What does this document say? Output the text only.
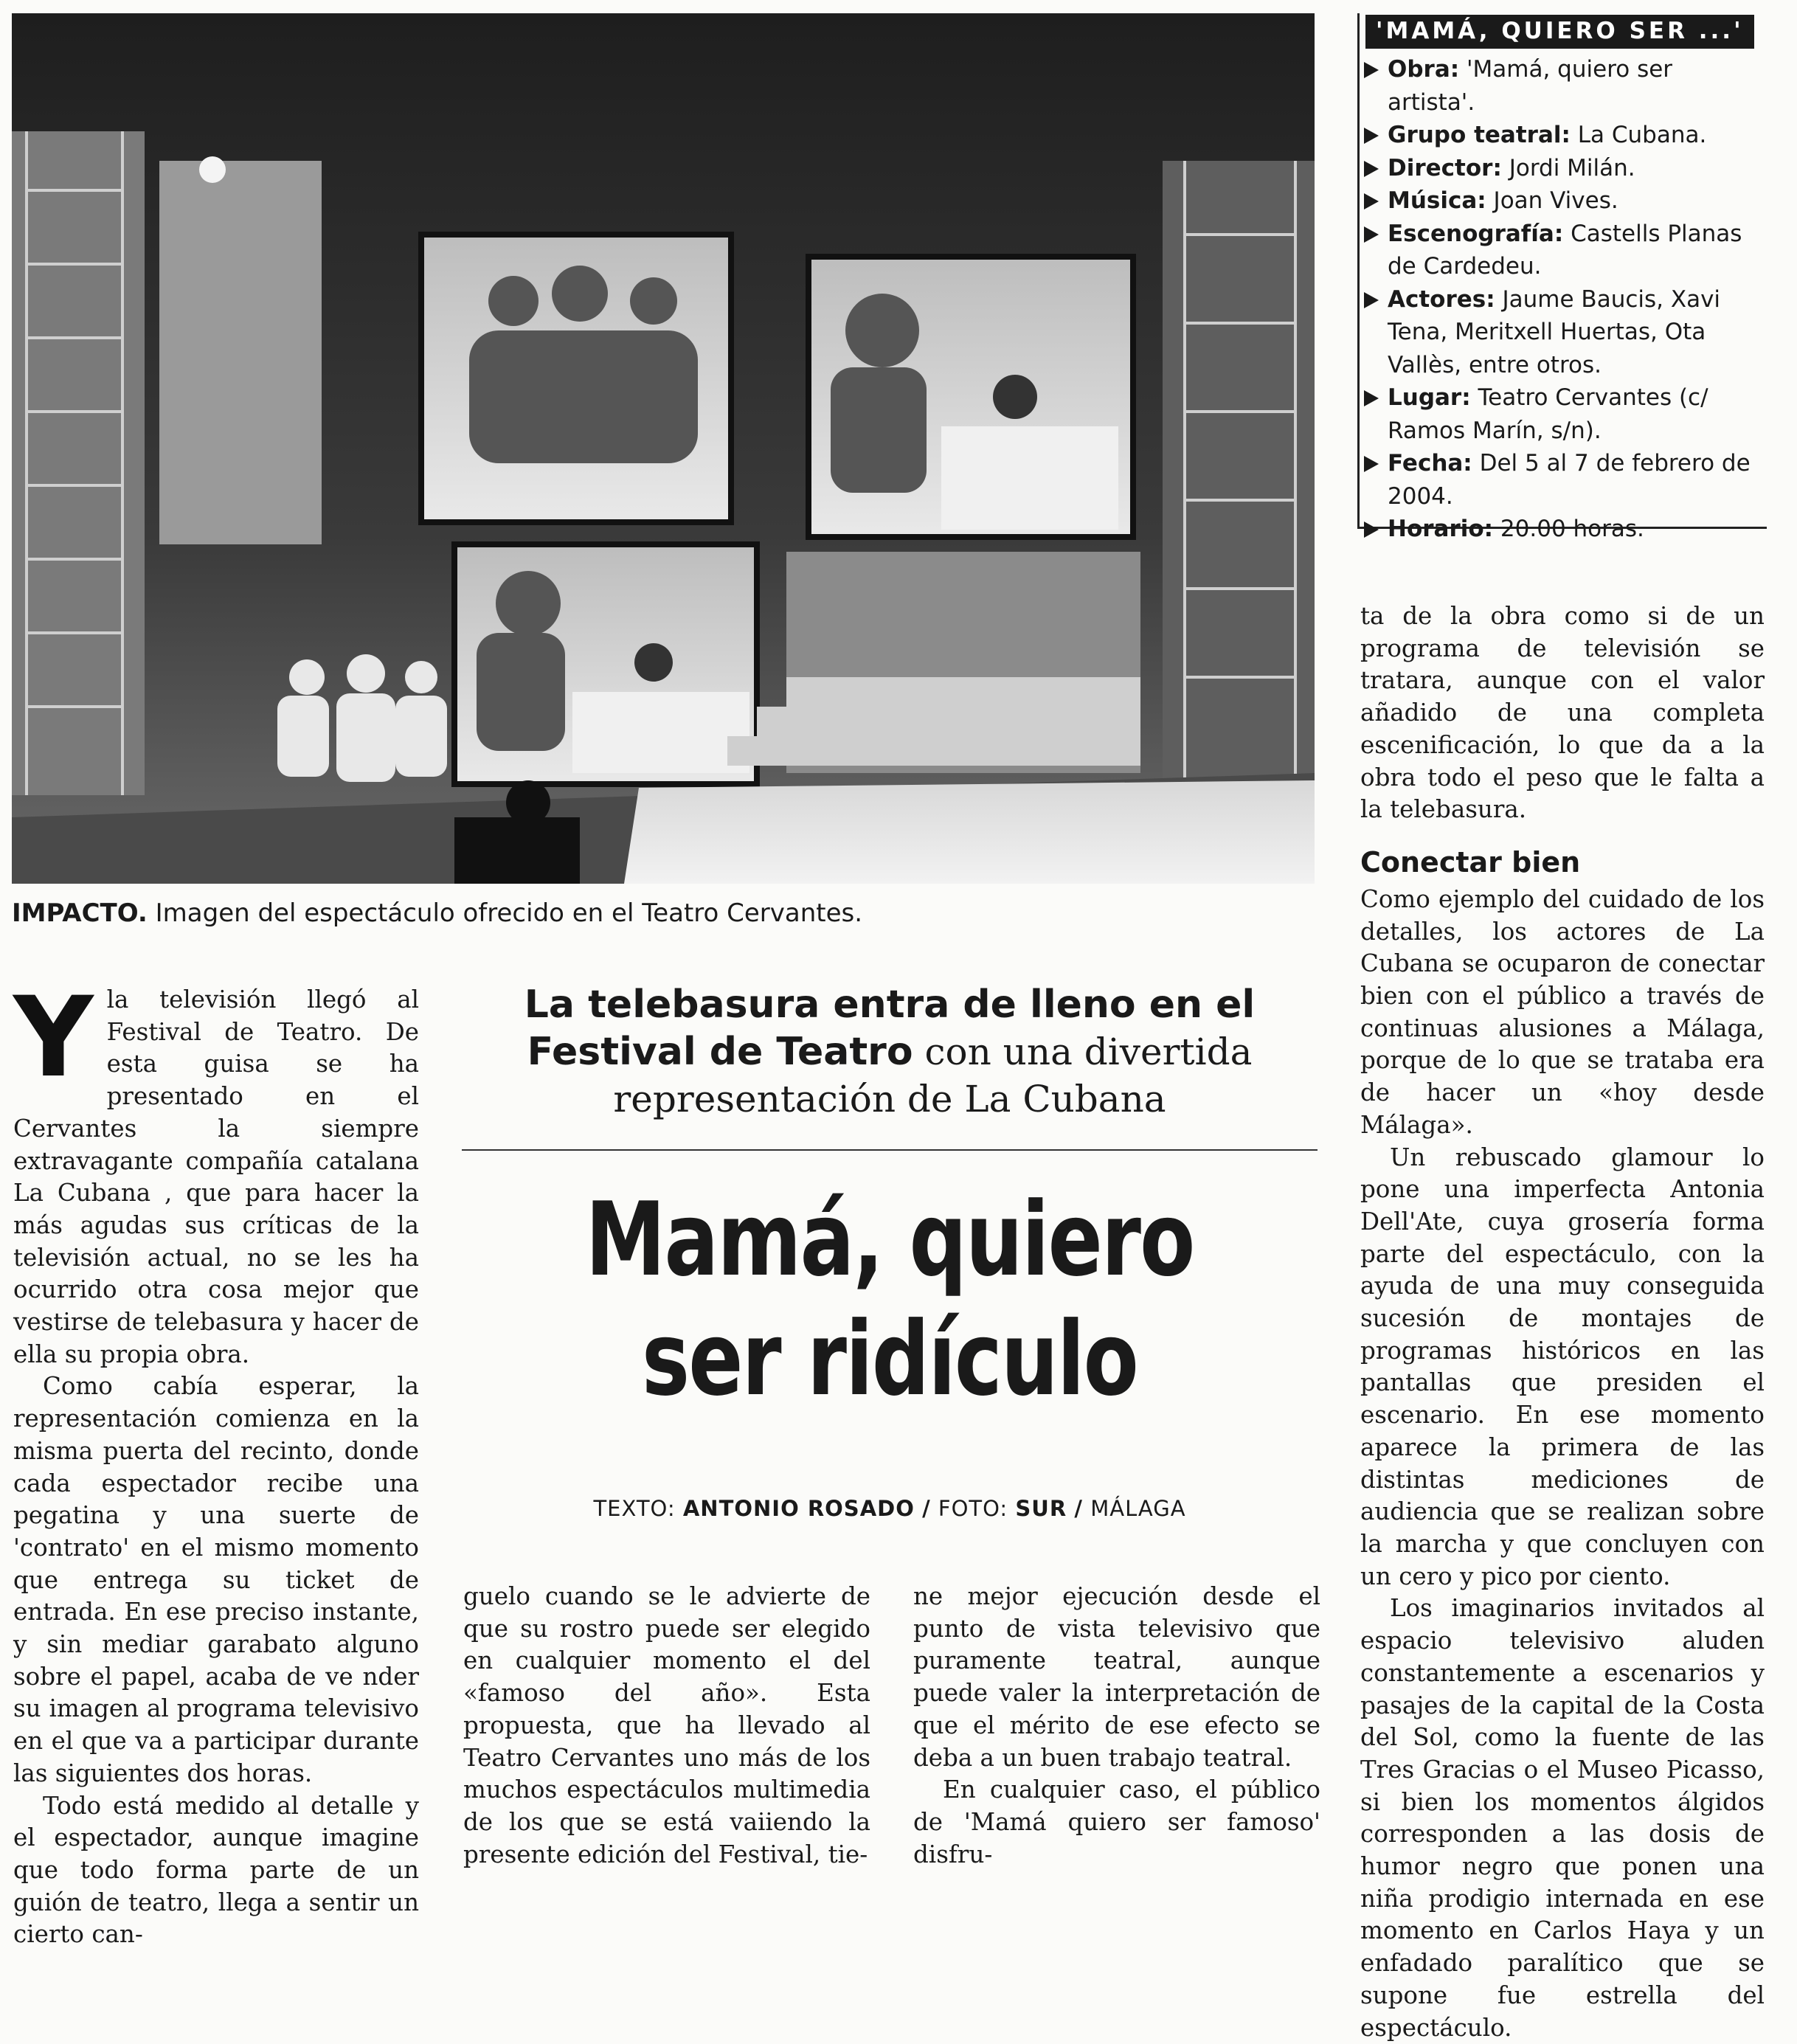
IMPACTO. Imagen del espectáculo ofrecido en el Teatro Cervantes.
'MAMÁ, QUIERO SER ...'
Obra: 'Mamá, quiero ser artista'.
Grupo teatral: La Cubana.
Director: Jordi Milán.
Música: Joan Vives.
Escenografía: Castells Planas de Cardedeu.
Actores: Jaume Baucis, Xavi Tena, Meritxell Huertas, Ota Vallès, entre otros.
Lugar: Teatro Cervantes (c/ Ramos Marín, s/n).
Fecha: Del 5 al 7 de febrero de 2004.
Horario: 20.00 horas.
Y la televisión llegó al Festival de Teatro. De esta guisa se ha presentado en el Cervantes la siempre extravagante compañía catalana La Cubana , que para hacer la más agudas sus críticas de la televisión actual, no se les ha ocurrido otra cosa mejor que vestirse de telebasura y hacer de ella su propia obra.

Como cabía esperar, la representación comienza en la misma puerta del recinto, donde cada espectador recibe una pegatina y una suerte de 'contrato' en el mismo momento que entrega su ticket de entrada. En ese preciso instante, y sin mediar garabato alguno sobre el papel, acaba de ve nder su imagen al programa televisivo en el que va a participar durante las siguientes dos horas.

Todo está medido al detalle y el espectador, aunque imagine que todo forma parte de un guión de teatro, llega a sentir un cierto can-

La telebasura entra de lleno en el Festival de Teatro con una divertida representación de La Cubana
Mamá, quiero
ser ridículo
TEXTO: ANTONIO ROSADO / FOTO: SUR / MÁLAGA

guelo cuando se le advierte de que su rostro puede ser elegido en cualquier momento el del «famoso del año». Esta propuesta, que ha llevado al Teatro Cervantes uno más de los muchos espectáculos multimedia de los que se está vaiiendo la presente edición del Festival, tie-

ne mejor ejecución desde el punto de vista televisivo que puramente teatral, aunque puede valer la interpretación de que el mérito de ese efecto se deba a un buen trabajo teatral.

En cualquier caso, el público de 'Mamá quiero ser famoso' disfru-

ta de la obra como si de un programa de televisión se tratara, aunque con el valor añadido de una completa escenificación, lo que da a la obra todo el peso que le falta a la telebasura.

Conectar bien

Como ejemplo del cuidado de los detalles, los actores de La Cubana se ocuparon de conectar bien con el público a través de continuas alusiones a Málaga, porque de lo que se trataba era de hacer un «hoy desde Málaga».

Un rebuscado glamour lo pone una imperfecta Antonia Dell'Ate, cuya grosería forma parte del espectáculo, con la ayuda de una muy conseguida sucesión de montajes de programas históricos en las pantallas que presiden el escenario. En ese momento aparece la primera de las distintas mediciones de audiencia que se realizan sobre la marcha y que concluyen con un cero y pico por ciento.

Los imaginarios invitados al espacio televisivo aluden constantemente a escenarios y pasajes de la capital de la Costa del Sol, como la fuente de las Tres Gracias o el Museo Picasso, si bien los momentos álgidos corresponden a las dosis de humor negro que ponen una niña prodigio internada en ese momento en Carlos Haya y un enfadado paralítico que se supone fue estrella del espectáculo.
